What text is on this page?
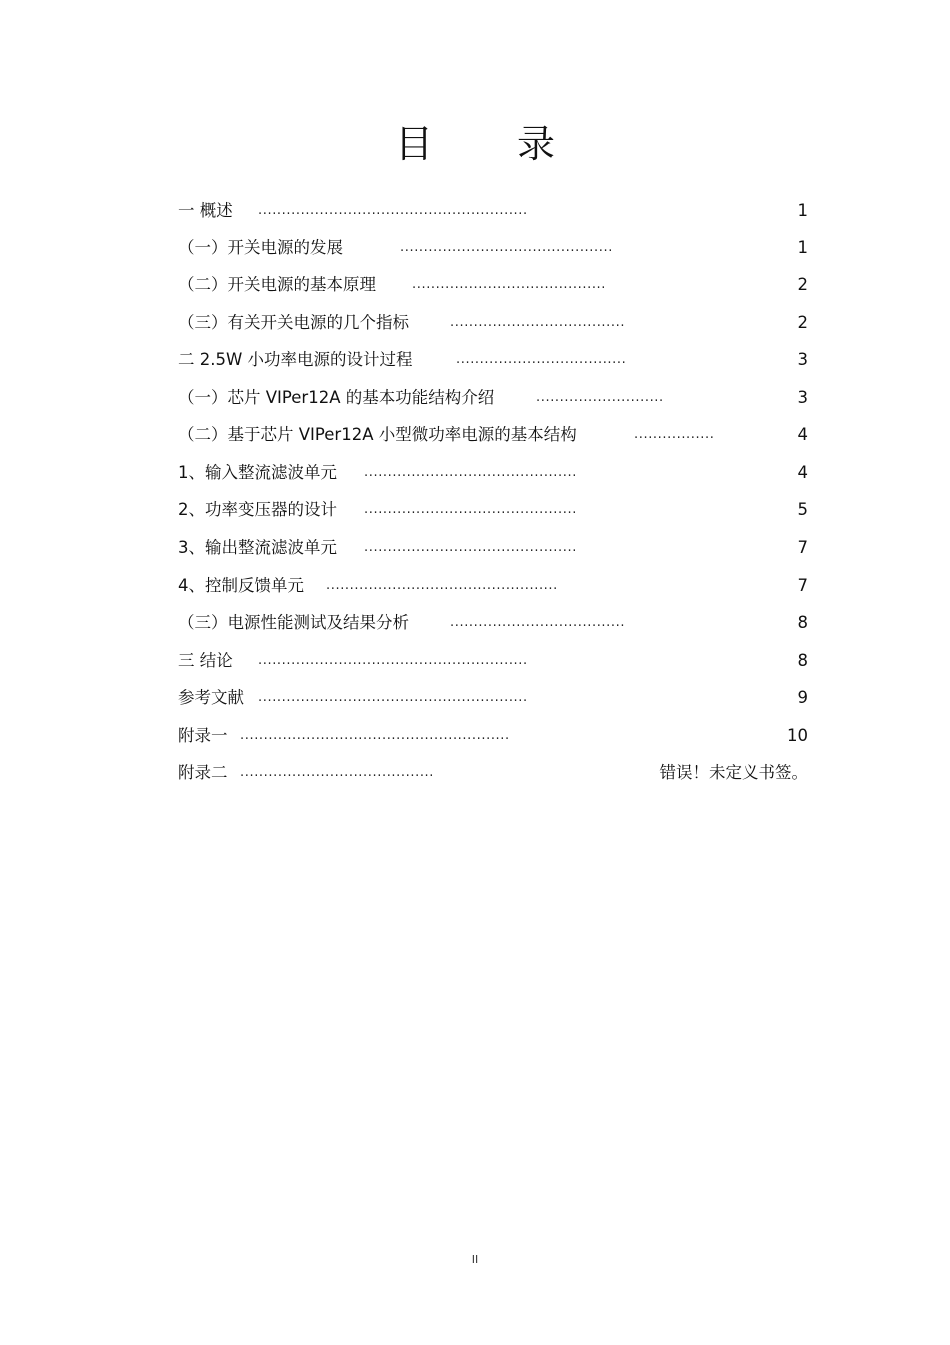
目 录
一 概述 .........................................................	1
（一）开关电源的发展	.............................................	1
（二）开关电源的基本原理	.........................................	2
（三）有关开关电源的几个指标	.....................................	2
二 2.5W 小功率电源的设计过程	....................................	3
（一）芯片 VIPer12A 的基本功能结构介绍	...........................	3
（二）基于芯片 VIPer12A 小型微功率电源的基本结构	.................	4
1、输入整流滤波单元 .............................................	4
2、功率变压器的设计 .............................................	5
3、输出整流滤波单元 .............................................	7
4、控制反馈单元 .................................................	7
（三）电源性能测试及结果分析	.....................................	8
三 结论 .........................................................	8
参考文献 .........................................................	9
附录一 .........................................................	10
附录二 .........................................	错误！未定义书签。
II
